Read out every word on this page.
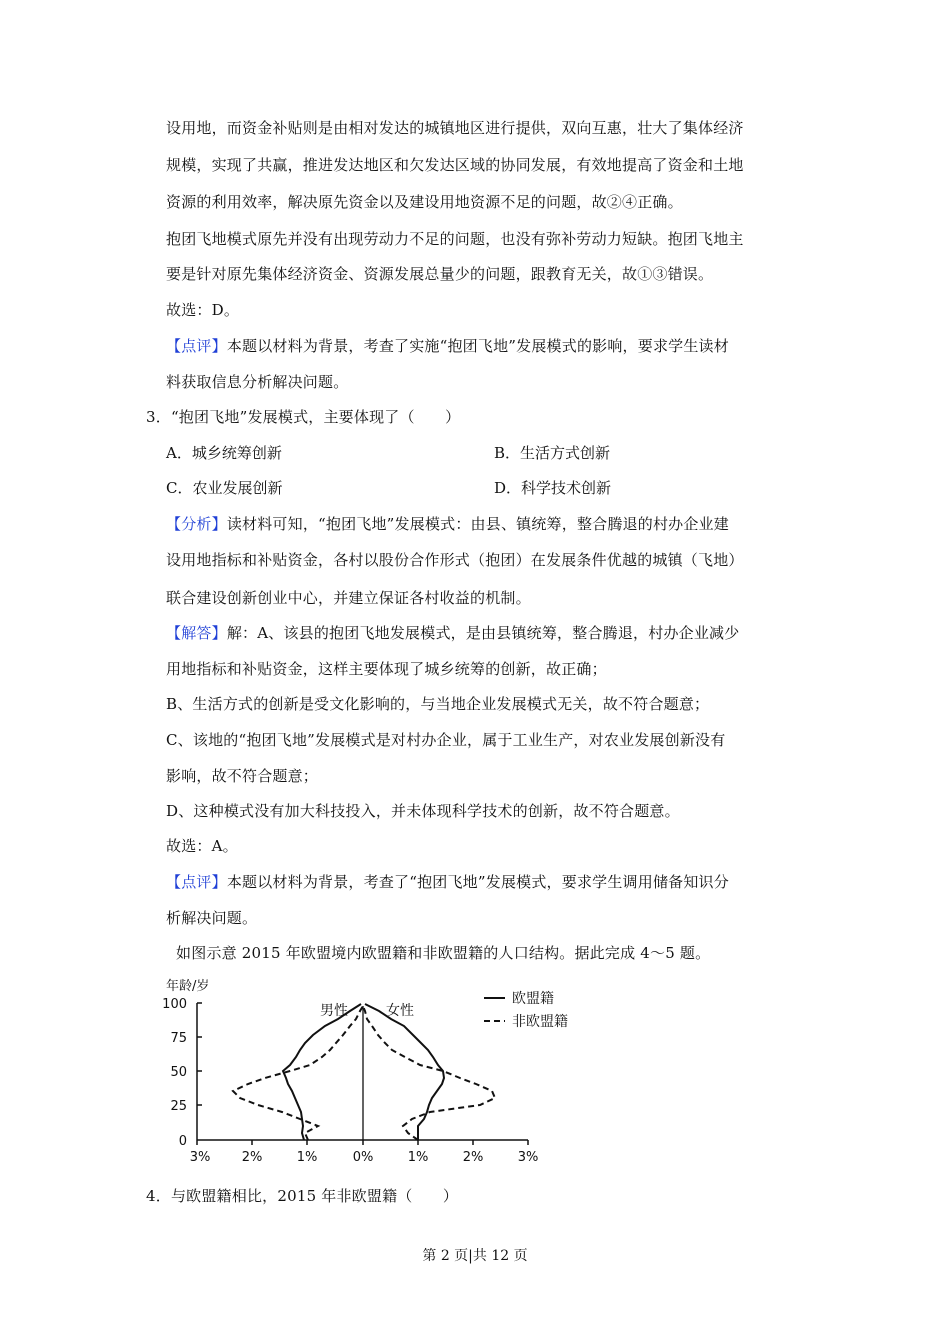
设用地，而资金补贴则是由相对发达的城镇地区进行提供，双向互惠，壮大了集体经济
规模，实现了共赢，推进发达地区和欠发达区域的协同发展，有效地提高了资金和土地
资源的利用效率，解决原先资金以及建设用地资源不足的问题，故②④正确。
抱团飞地模式原先并没有出现劳动力不足的问题，也没有弥补劳动力短缺。抱团飞地主
要是针对原先集体经济资金、资源发展总量少的问题，跟教育无关，故①③错误。
故选：D。
【点评】本题以材料为背景，考查了实施“抱团飞地”发展模式的影响，要求学生读材
料获取信息分析解决问题。
3．“抱团飞地”发展模式，主要体现了（　　）
A．城乡统筹创新	B．生活方式创新
C．农业发展创新	D．科学技术创新
【分析】读材料可知，“抱团飞地”发展模式：由县、镇统筹，整合腾退的村办企业建
设用地指标和补贴资金，各村以股份合作形式（抱团）在发展条件优越的城镇（飞地）
联合建设创新创业中心，并建立保证各村收益的机制。
【解答】解：A、该县的抱团飞地发展模式，是由县镇统筹，整合腾退，村办企业减少
用地指标和补贴资金，这样主要体现了城乡统筹的创新，故正确；
B、生活方式的创新是受文化影响的，与当地企业发展模式无关，故不符合题意；
C、该地的“抱团飞地”发展模式是对村办企业，属于工业生产，对农业发展创新没有
影响，故不符合题意；
D、这种模式没有加大科技投入，并未体现科学技术的创新，故不符合题意。
故选：A。
【点评】本题以材料为背景，考查了“抱团飞地”发展模式，要求学生调用储备知识分
析解决问题。
如图示意 2015 年欧盟境内欧盟籍和非欧盟籍的人口结构。据此完成 4～5 题。
年龄/岁
100
75
50
25
0
3% 2%	1%	0%	1%	2%	3%
男性	女性
欧盟籍
非欧盟籍
4．与欧盟籍相比，2015 年非欧盟籍（　　）
第 2 页|共 12 页
